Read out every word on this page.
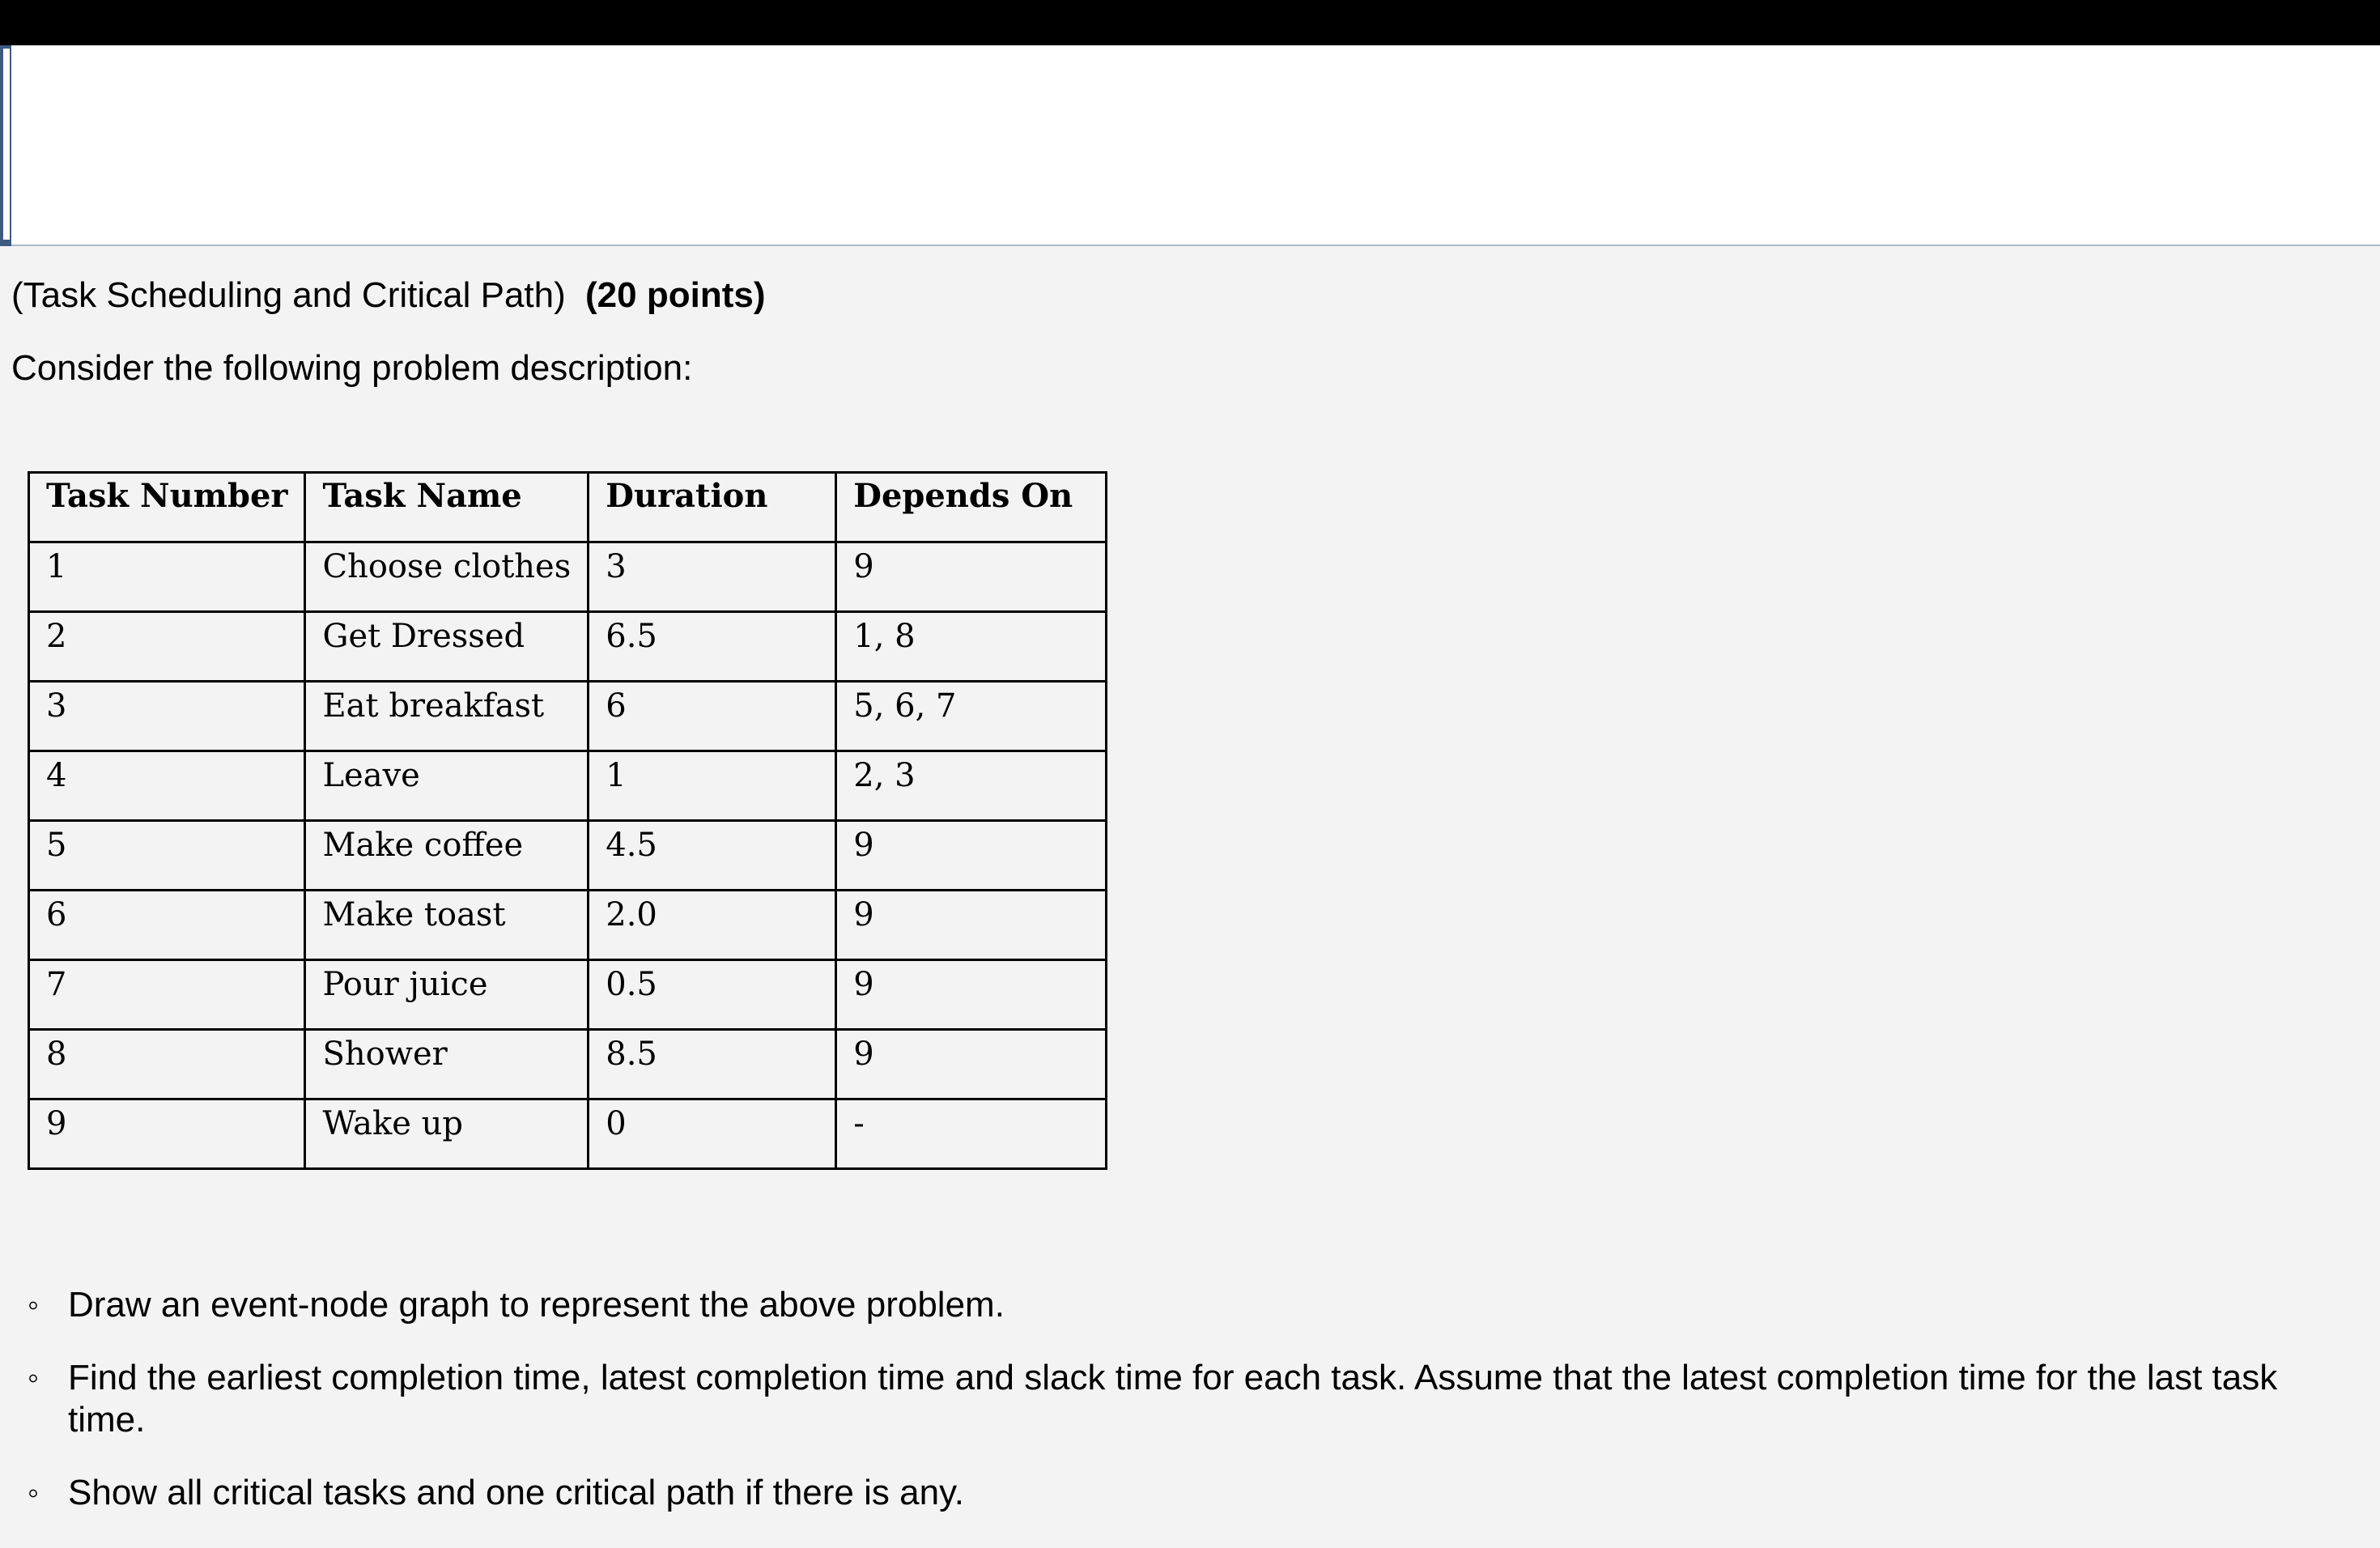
(Task Scheduling and Critical Path) (20 points)
Consider the following problem description:
Task Number	Task Name	Duration	Depends On
1	Choose clothes	3	9
2	Get Dressed	6.5	1, 8
3	Eat breakfast	6	5, 6, 7
4	Leave	1	2, 3
5	Make coffee	4.5	9
6	Make toast	2.0	9
7	Pour juice	0.5	9
8	Shower	8.5	9
9	Wake up	0	-
◦ Draw an event-node graph to represent the above problem.
◦ Find the earliest completion time, latest completion time and slack time for each task. Assume that the latest completion time for the last task
time.
◦ Show all critical tasks and one critical path if there is any.
